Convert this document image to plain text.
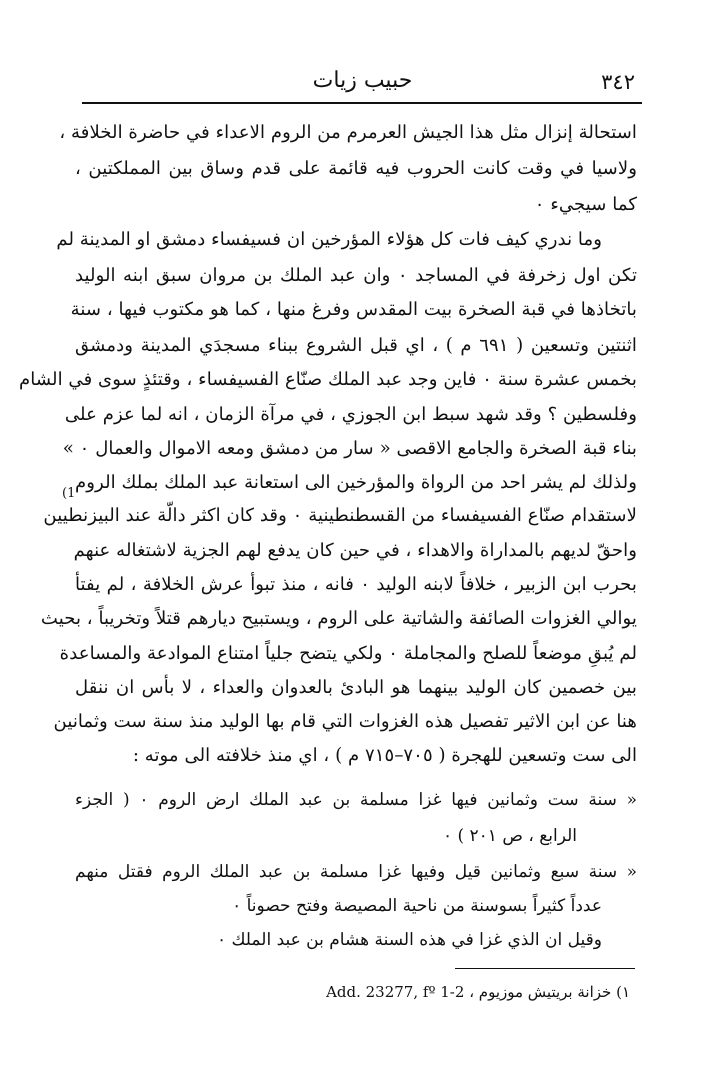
٣٤٢
حبيب زيات
استحالة إنزال مثل هذا الجيش العرمرم من الروم الاعداء في حاضرة الخلافة ،
ولاسيا في وقت كانت الحروب فيه قائمة على قدم وساق بين المملكتين ،
كما سيجيء ٠
وما ندري كيف فات كل هؤلاء المؤرخين ان فسيفساء دمشق او المدينة لم
تكن اول زخرفة في المساجد ٠ وان عبد الملك بن مروان سبق ابنه الوليد
باتخاذها في قبة الصخرة بيت المقدس وفرغ منها ، كما هو مكتوب فيها ، سنة
اثنتين وتسعين ( ٦٩١ م ) ، اي قبل الشروع ببناء مسجدَي المدينة ودمشق
بخمس عشرة سنة ٠ فاين وجد عبد الملك صنّاع الفسيفساء ، وقتئذٍ سوى في الشام
وفلسطين ؟ وقد شهد سبط ابن الجوزي ، في مرآة الزمان ، انه لما عزم على
بناء قبة الصخرة والجامع الاقصى « سار من دمشق ومعه الاموال والعمال ٠ »
(1
ولذلك لم يشر احد من الرواة والمؤرخين الى استعانة عبد الملك بملك الروم
لاستقدام صنّاع الفسيفساء من القسطنطينية ٠ وقد كان اكثر دالّة عند البيزنطيين
واحقّ لديهم بالمداراة والاهداء ، في حين كان يدفع لهم الجزية لاشتغاله عنهم
بحرب ابن الزبير ، خلافاً لابنه الوليد ٠ فانه ، منذ تبوأ عرش الخلافة ، لم يفتأ
يوالي الغزوات الصائفة والشاتية على الروم ، ويستبيح ديارهم قتلاً وتخريباً ، بحيث
لم يُبقِ موضعاً للصلح والمجاملة ٠ ولكي يتضح جلياً امتناع الموادعة والمساعدة
بين خصمين كان الوليد بينهما هو البادئ بالعدوان والعداء ، لا بأس ان ننقل
هنا عن ابن الاثير تفصيل هذه الغزوات التي قام بها الوليد منذ سنة ست وثمانين
الى ست وتسعين للهجرة ( ٧٠٥–٧١٥ م ) ، اي منذ خلافته الى موته :
« سنة ست وثمانين فيها غزا مسلمة بن عبد الملك ارض الروم ٠ ( الجزء
الرابع ، ص ٢٠١ ) ٠
« سنة سبع وثمانين قيل وفيها غزا مسلمة بن عبد الملك الروم فقتل منهم
عدداً كثيراً بسوسنة من ناحية المصيصة وفتح حصوناً ٠
وقيل ان الذي غزا في هذه السنة هشام بن عبد الملك ٠
١) خزانة بريتيش موزيوم ، Add. 23277, fº 1-2
